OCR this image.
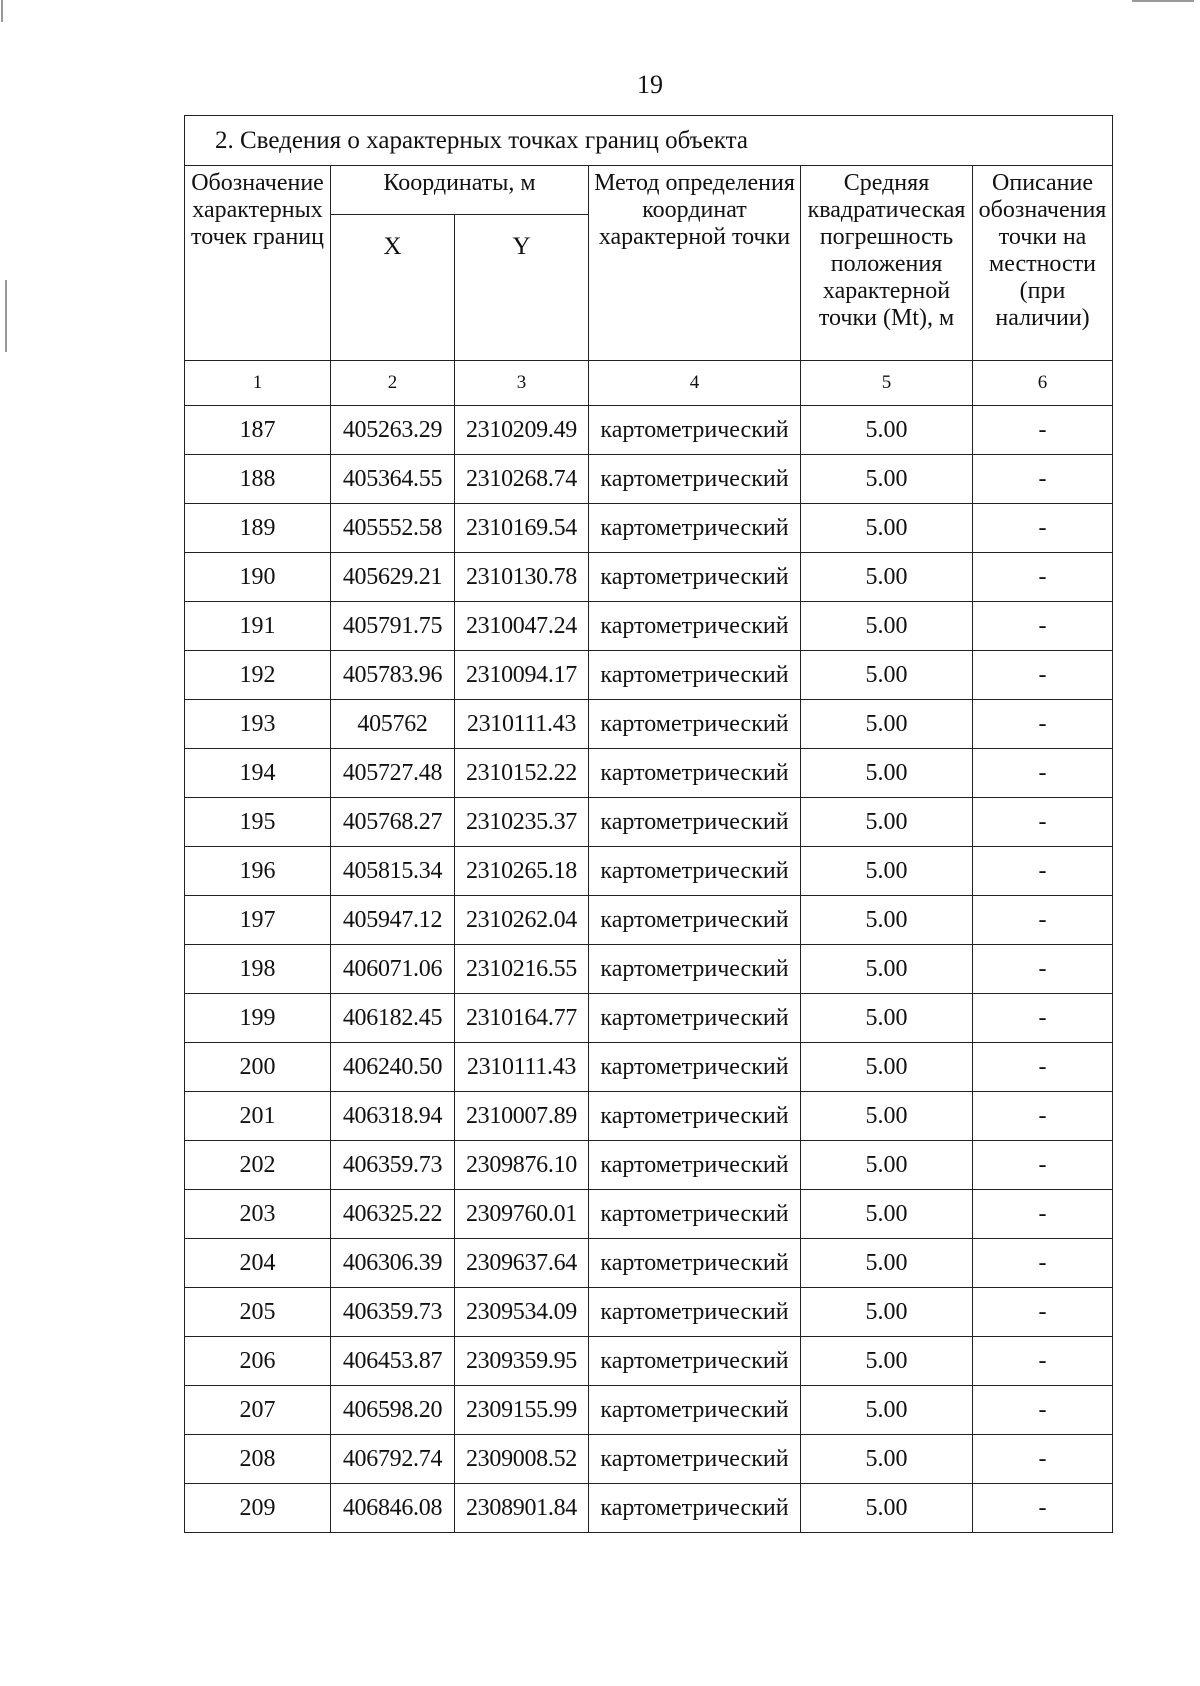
19
2. Сведения о характерных точках границ объекта					
Обозначение характерных точек границ	Координаты, м		Метод определения координат характерной точки	Средняя квадратическая погрешность положения характерной точки (Mt), м	Описание обозначения точки на местности (при наличии)
	X	Y			
1	2	3	4	5	6
187	405263.29	2310209.49	картометрический	5.00	-
188	405364.55	2310268.74	картометрический	5.00	-
189	405552.58	2310169.54	картометрический	5.00	-
190	405629.21	2310130.78	картометрический	5.00	-
191	405791.75	2310047.24	картометрический	5.00	-
192	405783.96	2310094.17	картометрический	5.00	-
193	405762	2310111.43	картометрический	5.00	-
194	405727.48	2310152.22	картометрический	5.00	-
195	405768.27	2310235.37	картометрический	5.00	-
196	405815.34	2310265.18	картометрический	5.00	-
197	405947.12	2310262.04	картометрический	5.00	-
198	406071.06	2310216.55	картометрический	5.00	-
199	406182.45	2310164.77	картометрический	5.00	-
200	406240.50	2310111.43	картометрический	5.00	-
201	406318.94	2310007.89	картометрический	5.00	-
202	406359.73	2309876.10	картометрический	5.00	-
203	406325.22	2309760.01	картометрический	5.00	-
204	406306.39	2309637.64	картометрический	5.00	-
205	406359.73	2309534.09	картометрический	5.00	-
206	406453.87	2309359.95	картометрический	5.00	-
207	406598.20	2309155.99	картометрический	5.00	-
208	406792.74	2309008.52	картометрический	5.00	-
209	406846.08	2308901.84	картометрический	5.00	-
